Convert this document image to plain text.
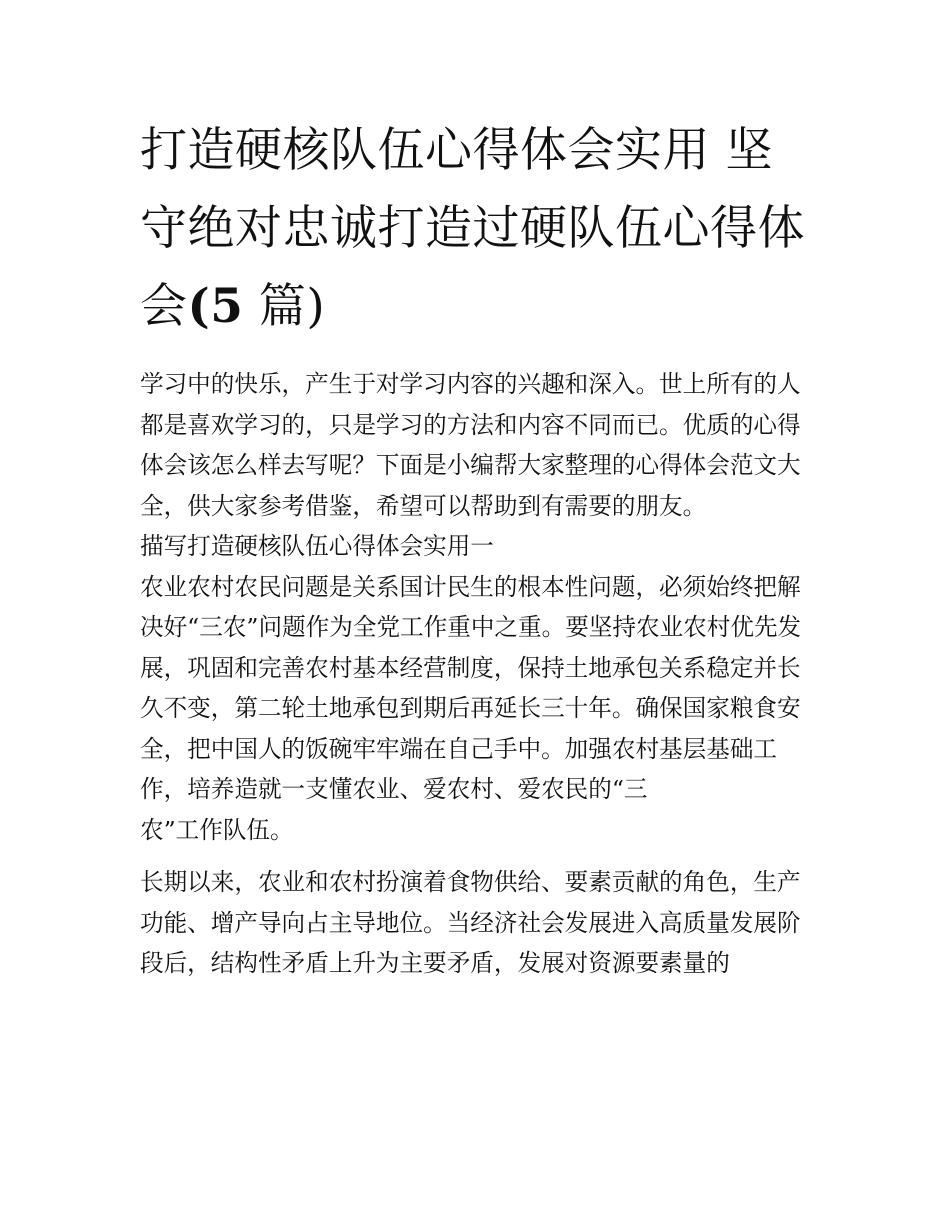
打造硬核队伍心得体会实用 坚守绝对忠诚打造过硬队伍心得体会(5 篇)

学习中的快乐，产生于对学习内容的兴趣和深入。世上所有的人都是喜欢学习的，只是学习的方法和内容不同而已。优质的心得体会该怎么样去写呢？下面是小编帮大家整理的心得体会范文大全，供大家参考借鉴，希望可以帮助到有需要的朋友。

描写打造硬核队伍心得体会实用一

农业农村农民问题是关系国计民生的根本性问题，必须始终把解决好“三农”问题作为全党工作重中之重。要坚持农业农村优先发展，巩固和完善农村基本经营制度，保持土地承包关系稳定并长久不变，第二轮土地承包到期后再延长三十年。确保国家粮食安全，把中国人的饭碗牢牢端在自己手中。加强农村基层基础工作，培养造就一支懂农业、爱农村、爱农民的“三
农”工作队伍。

长期以来，农业和农村扮演着食物供给、要素贡献的角色，生产功能、增产导向占主导地位。当经济社会发展进入高质量发展阶段后，结构性矛盾上升为主要矛盾，发展对资源要素量的
